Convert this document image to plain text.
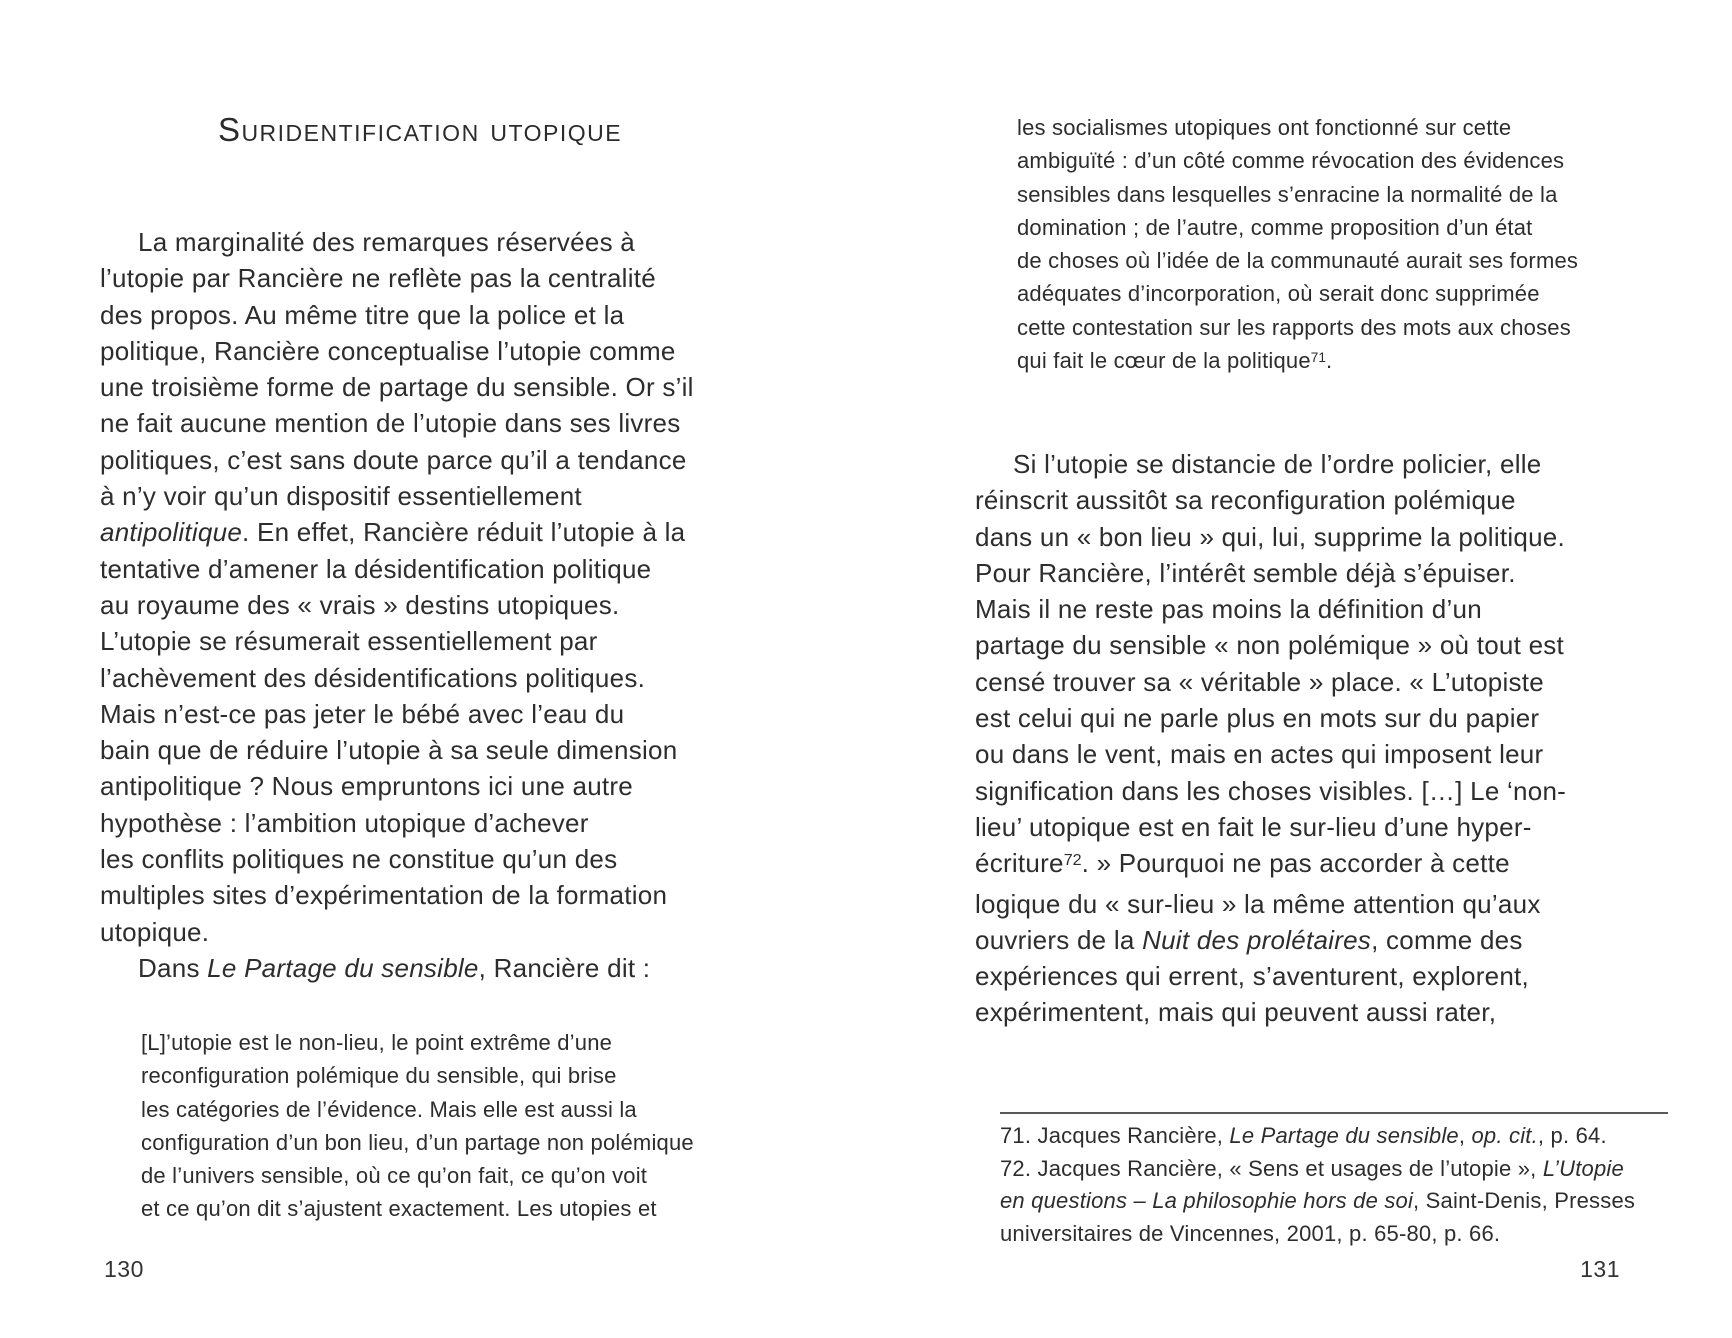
Suridentification utopique
La marginalité des remarques réservées à
l’utopie par Rancière ne reflète pas la centralité
des propos. Au même titre que la police et la
politique, Rancière conceptualise l’utopie comme
une troisième forme de partage du sensible. Or s’il
ne fait aucune mention de l’utopie dans ses livres
politiques, c’est sans doute parce qu’il a tendance
à n’y voir qu’un dispositif essentiellement
antipolitique. En effet, Rancière réduit l’utopie à la
tentative d’amener la désidentification politique
au royaume des « vrais » destins utopiques.
L’utopie se résumerait essentiellement par
l’achèvement des désidentifications politiques.
Mais n’est-ce pas jeter le bébé avec l’eau du
bain que de réduire l’utopie à sa seule dimension
antipolitique ? Nous empruntons ici une autre
hypothèse : l’ambition utopique d’achever
les conflits politiques ne constitue qu’un des
multiples sites d’expérimentation de la formation
utopique.
Dans Le Partage du sensible, Rancière dit :
[L]’utopie est le non-lieu, le point extrême d’une
reconfiguration polémique du sensible, qui brise
les catégories de l’évidence. Mais elle est aussi la
configuration d’un bon lieu, d’un partage non polémique
de l’univers sensible, où ce qu’on fait, ce qu’on voit
et ce qu’on dit s’ajustent exactement. Les utopies et
130
les socialismes utopiques ont fonctionné sur cette
ambiguïté : d’un côté comme révocation des évidences
sensibles dans lesquelles s’enracine la normalité de la
domination ; de l’autre, comme proposition d’un état
de choses où l’idée de la communauté aurait ses formes
adéquates d’incorporation, où serait donc supprimée
cette contestation sur les rapports des mots aux choses
qui fait le cœur de la politique$^{71}$.
Si l’utopie se distancie de l’ordre policier, elle
réinscrit aussitôt sa reconfiguration polémique
dans un « bon lieu » qui, lui, supprime la politique.
Pour Rancière, l’intérêt semble déjà s’épuiser.
Mais il ne reste pas moins la définition d’un
partage du sensible « non polémique » où tout est
censé trouver sa « véritable » place. « L’utopiste
est celui qui ne parle plus en mots sur du papier
ou dans le vent, mais en actes qui imposent leur
signification dans les choses visibles. […] Le ‘non-
lieu’ utopique est en fait le sur-lieu d’une hyper-
écriture$^{72}$. » Pourquoi ne pas accorder à cette
logique du « sur-lieu » la même attention qu’aux
ouvriers de la Nuit des prolétaires, comme des
expériences qui errent, s’aventurent, explorent,
expérimentent, mais qui peuvent aussi rater,
71. Jacques Rancière, Le Partage du sensible, op. cit., p. 64.
72. Jacques Rancière, « Sens et usages de l’utopie », L’Utopie
en questions – La philosophie hors de soi, Saint-Denis, Presses
universitaires de Vincennes, 2001, p. 65-80, p. 66.
131
